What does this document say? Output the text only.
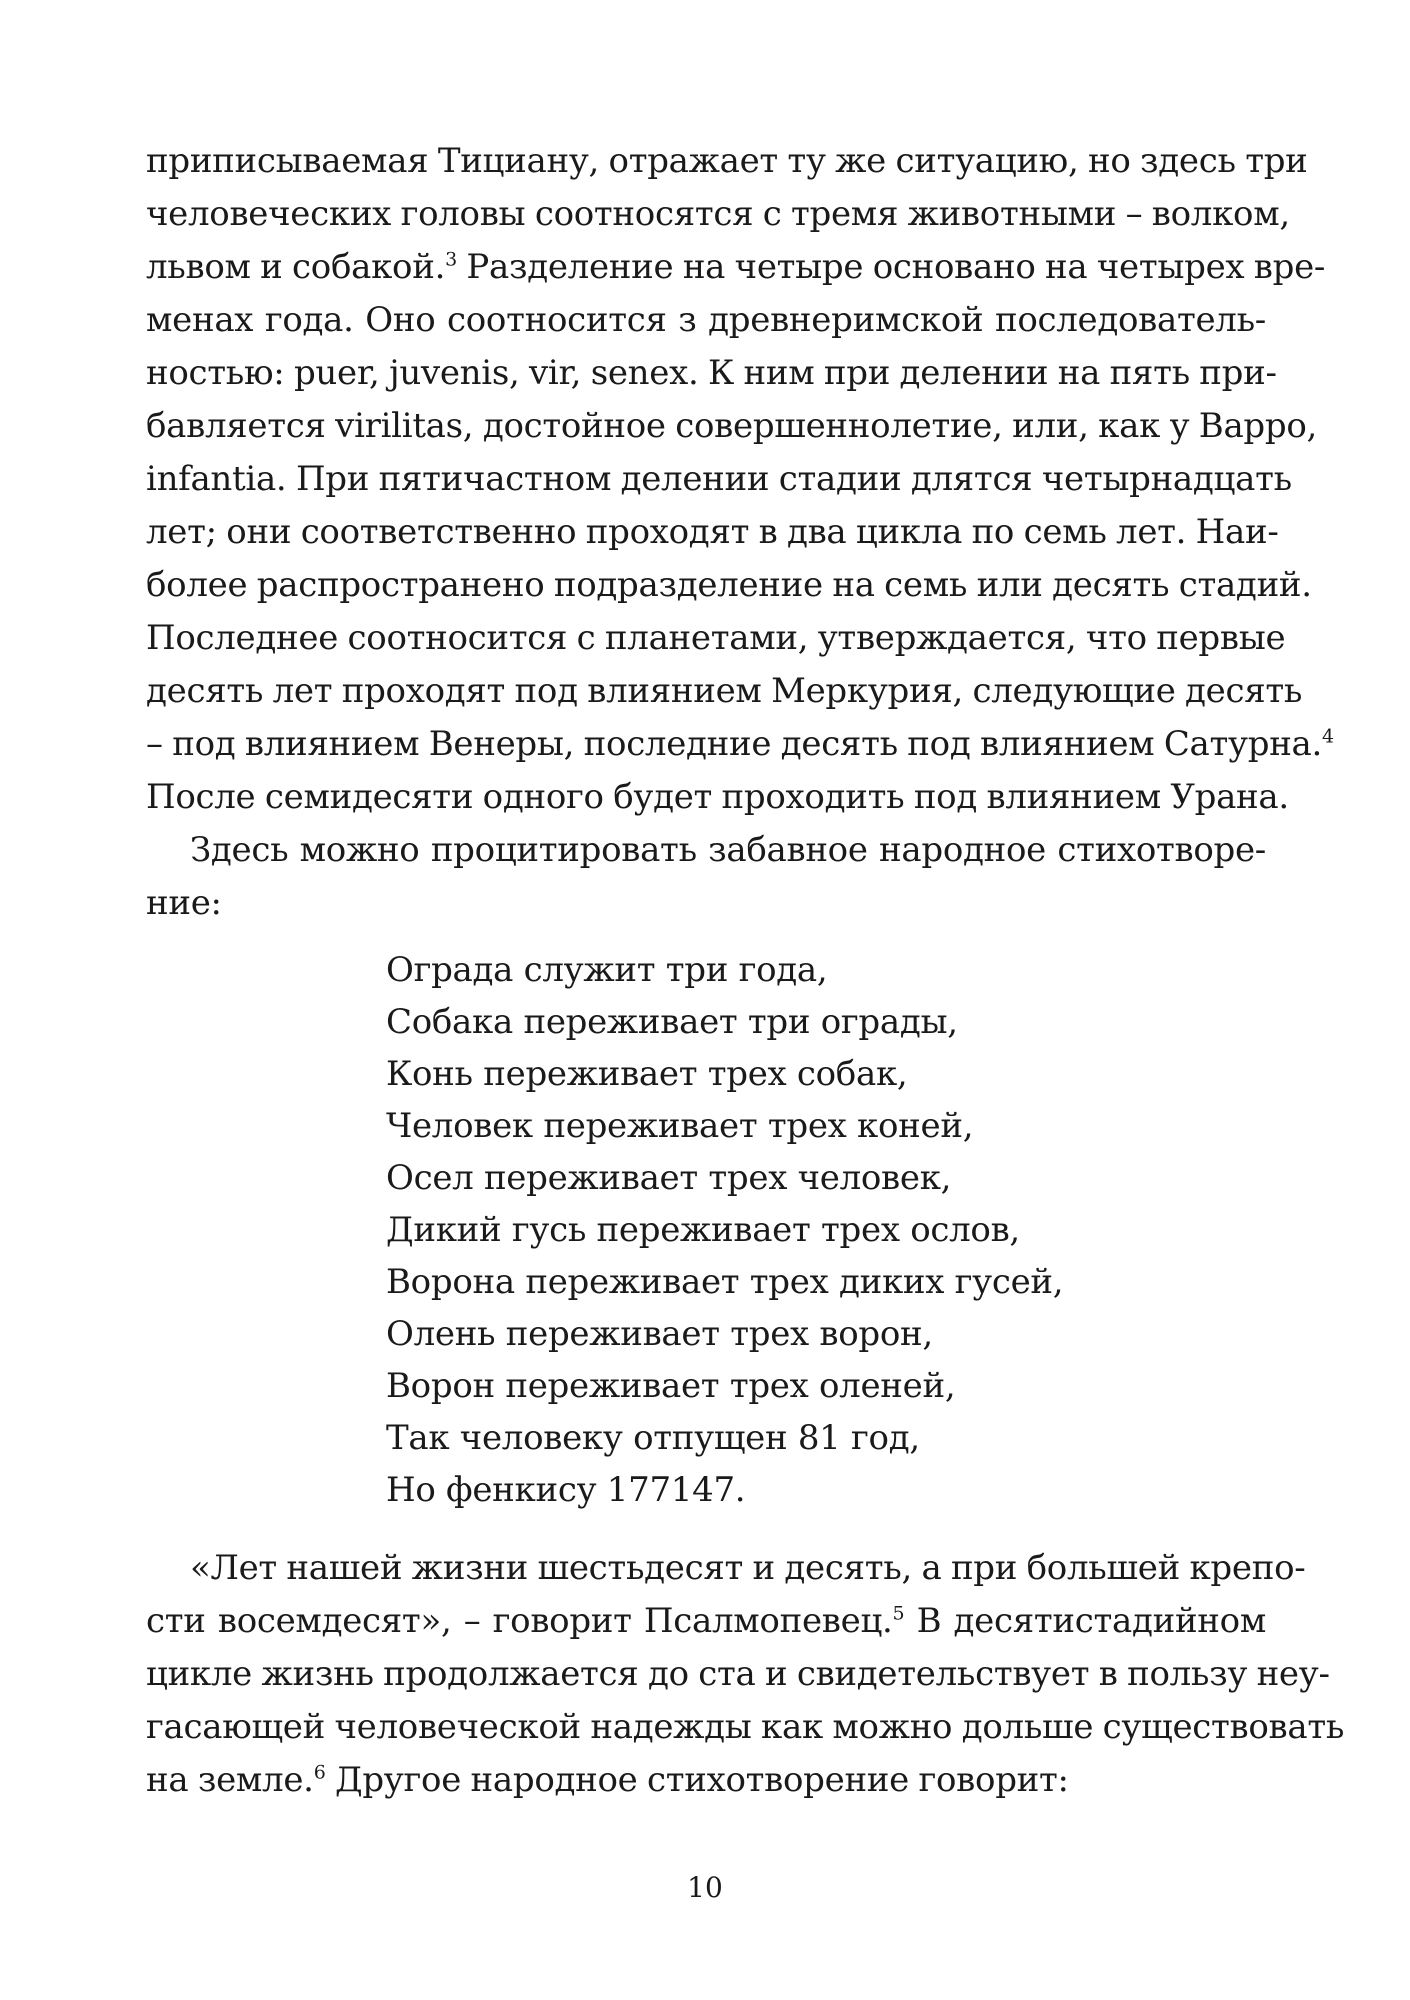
приписываемая Тициану, отражает ту же ситуацию, но здесь три
человеческих головы соотносятся с тремя животными – волком,
львом и собакой.$^3$ Разделение на четыре основано на четырех вре-
менах года. Оно соотносится з древнеримской последователь-
ностью: puer, juvenis, vir, senex. К ним при делении на пять при-
бавляется virilitas, достойное совершеннолетие, или, как у Варро,
infantia. При пятичастном делении стадии длятся четырнадцать
лет; они соответственно проходят в два цикла по семь лет. Наи-
более распространено подразделение на семь или десять стадий.
Последнее соотносится с планетами, утверждается, что первые
десять лет проходят под влиянием Меркурия, следующие десять
– под влиянием Венеры, последние десять под влиянием Сатурна.$^4$
После семидесяти одного будет проходить под влиянием Урана.
Здесь можно процитировать забавное народное стихотворе-
ние:
Ограда служит три года,
Собака переживает три ограды,
Конь переживает трех собак,
Человек переживает трех коней,
Осел переживает трех человек,
Дикий гусь переживает трех ослов,
Ворона переживает трех диких гусей,
Олень переживает трех ворон,
Ворон переживает трех оленей,
Так человеку отпущен 81 год,
Но фенкису 177147.
«Лет нашей жизни шестьдесят и десять, а при большей крепо-
сти восемдесят», – говорит Псалмопевец.$^5$ В десятистадийном
цикле жизнь продолжается до ста и свидетельствует в пользу неу-
гасающей человеческой надежды как можно дольше существовать
на земле.$^6$ Другое народное стихотворение говорит:
10
